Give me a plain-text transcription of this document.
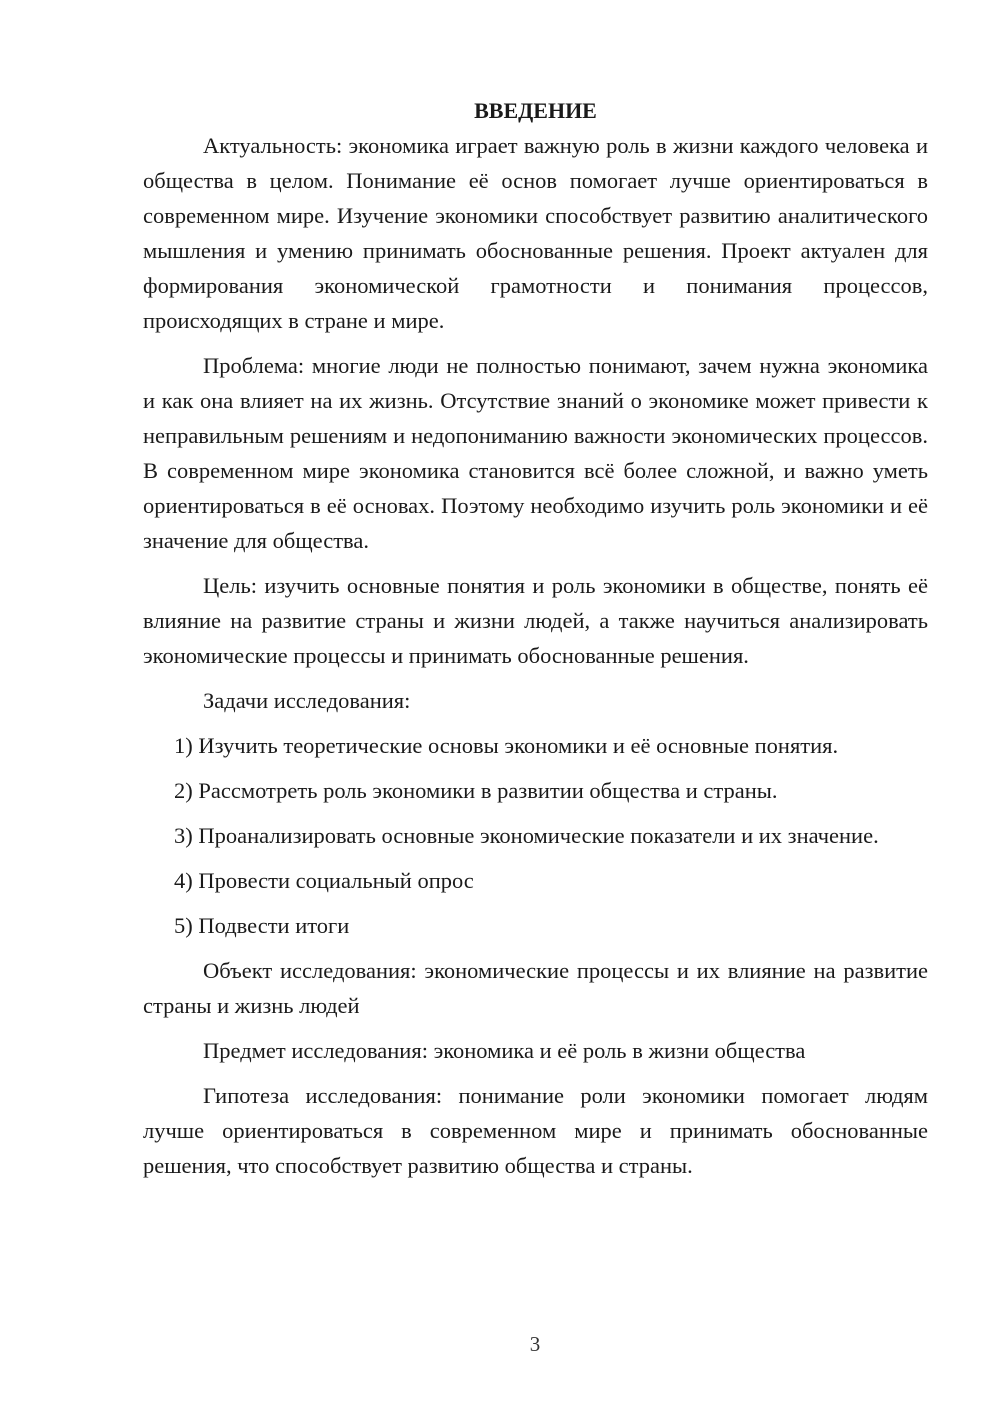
ВВЕДЕНИЕ

Актуальность: экономика играет важную роль в жизни каждого человека и общества в целом. Понимание её основ помогает лучше ориентироваться в современном мире. Изучение экономики способствует развитию аналитического мышления и умению принимать обоснованные решения. Проект актуален для формирования экономической грамотности и понимания процессов, происходящих в стране и мире.

Проблема: многие люди не полностью понимают, зачем нужна экономика и как она влияет на их жизнь. Отсутствие знаний о экономике может привести к неправильным решениям и недопониманию важности экономических процессов. В современном мире экономика становится всё более сложной, и важно уметь ориентироваться в её основах. Поэтому необходимо изучить роль экономики и её значение для общества.

Цель: изучить основные понятия и роль экономики в обществе, понять её влияние на развитие страны и жизни людей, а также научиться анализировать экономические процессы и принимать обоснованные решения.

Задачи исследования:

1) Изучить теоретические основы экономики и её основные понятия.

2) Рассмотреть роль экономики в развитии общества и страны.

3) Проанализировать основные экономические показатели и их значение.

4) Провести социальный опрос

5) Подвести итоги

Объект исследования: экономические процессы и их влияние на развитие страны и жизнь людей

Предмет исследования: экономика и её роль в жизни общества

Гипотеза исследования: понимание роли экономики помогает людям лучше ориентироваться в современном мире и принимать обоснованные решения, что способствует развитию общества и страны.

3
